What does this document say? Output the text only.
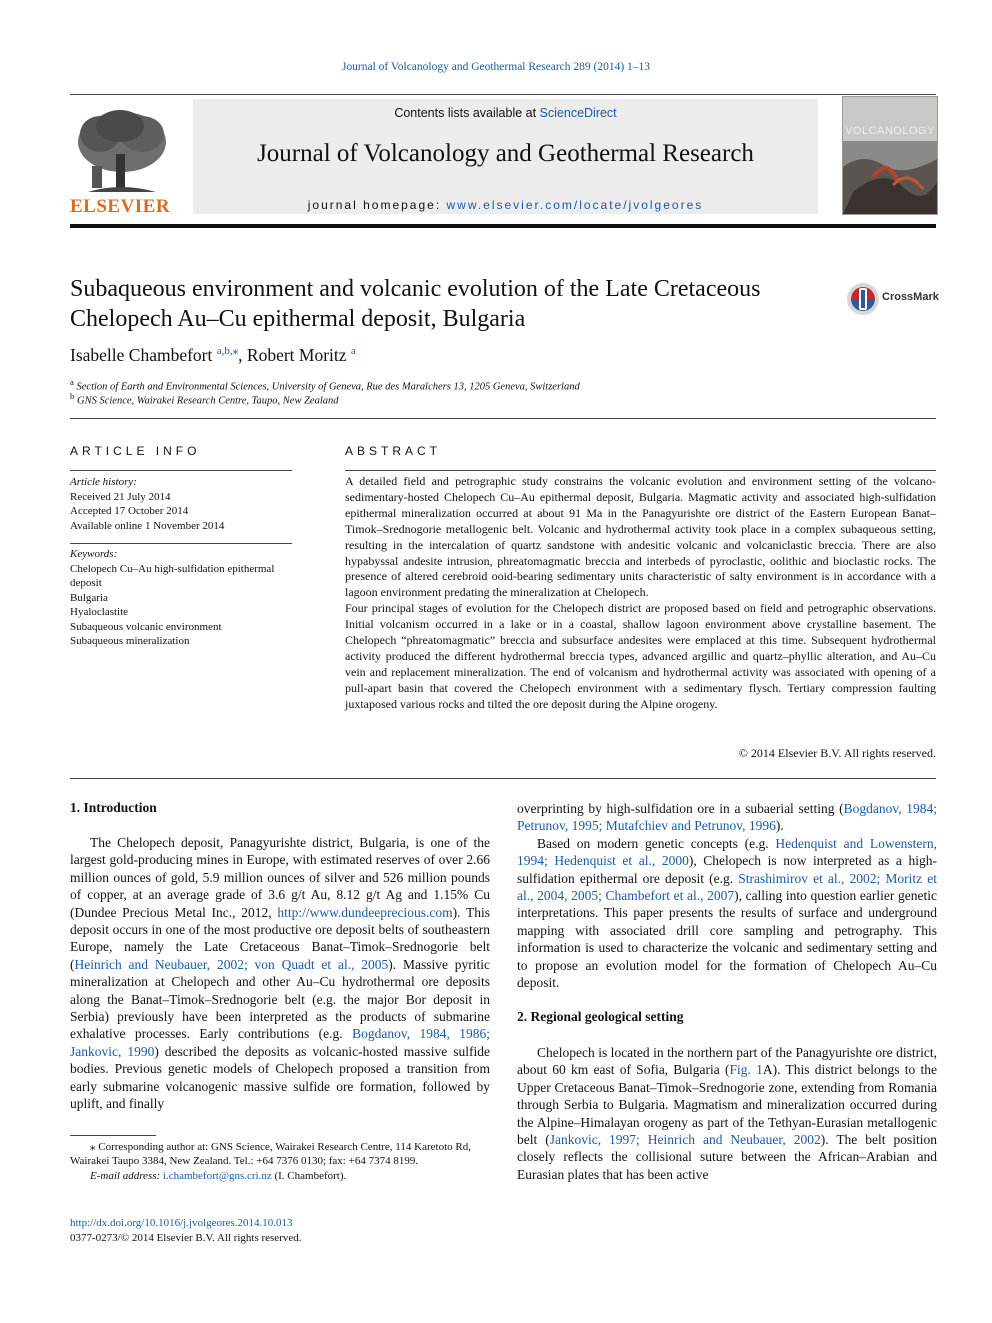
Journal of Volcanology and Geothermal Research 289 (2014) 1–13
ELSEVIER
Contents lists available at ScienceDirect
Journal of Volcanology and Geothermal Research
journal homepage: www.elsevier.com/locate/jvolgeores
VOLCANOLOGY
Subaqueous environment and volcanic evolution of the Late Cretaceous
Chelopech Au–Cu epithermal deposit, Bulgaria
CrossMark
Isabelle Chambefort $^{a,b,⁎}$, Robert Moritz $^a$
$^a$ Section of Earth and Environmental Sciences, University of Geneva, Rue des Maraîchers 13, 1205 Geneva, Switzerland
$^b$ GNS Science, Wairakei Research Centre, Taupo, New Zealand
ARTICLE INFO
Article history:
Received 21 July 2014
Accepted 17 October 2014
Available online 1 November 2014
Keywords:
Chelopech Cu–Au high-sulfidation epithermal deposit
Bulgaria
Hyaloclastite
Subaqueous volcanic environment
Subaqueous mineralization
ABSTRACT

A detailed field and petrographic study constrains the volcanic evolution and environment setting of the volcano-sedimentary-hosted Chelopech Cu–Au epithermal deposit, Bulgaria. Magmatic activity and associated high-sulfidation epithermal mineralization occurred at about 91 Ma in the Panagyurishte ore district of the Eastern European Banat–Timok–Srednogorie metallogenic belt. Volcanic and hydrothermal activity took place in a complex subaqueous setting, resulting in the intercalation of quartz sandstone with andesitic volcanic and volcaniclastic breccia. There are also hypabyssal andesite intrusion, phreatomagmatic breccia and interbeds of pyroclastic, oolithic and bioclastic rocks. The presence of altered cerebroid ooid-bearing sedimentary units characteristic of salty environment is in accordance with a lagoon environment predating the mineralization at Chelopech.

Four principal stages of evolution for the Chelopech district are proposed based on field and petrographic observations. Initial volcanism occurred in a lake or in a coastal, shallow lagoon environment above crystalline basement. The Chelopech “phreatomagmatic” breccia and subsurface andesites were emplaced at this time. Subsequent hydrothermal activity produced the different hydrothermal breccia types, advanced argillic and quartz–phyllic alteration, and Au–Cu vein and replacement mineralization. The end of volcanism and hydrothermal activity was associated with opening of a pull-apart basin that covered the Chelopech environment with a sedimentary flysch. Tertiary compression faulting juxtaposed various rocks and tilted the ore deposit during the Alpine orogeny.

© 2014 Elsevier B.V. All rights reserved.
1. Introduction

The Chelopech deposit, Panagyurishte district, Bulgaria, is one of the largest gold-producing mines in Europe, with estimated reserves of over 2.66 million ounces of gold, 5.9 million ounces of silver and 526 million pounds of copper, at an average grade of 3.6 g/t Au, 8.12 g/t Ag and 1.15% Cu (Dundee Precious Metal Inc., 2012, http://www.dundeeprecious.com). This deposit occurs in one of the most productive ore deposit belts of southeastern Europe, namely the Late Cretaceous Banat–Timok–Srednogorie belt (Heinrich and Neubauer, 2002; von Quadt et al., 2005). Massive pyritic mineralization at Chelopech and other Au–Cu hydrothermal ore deposits along the Banat–Timok–Srednogorie belt (e.g. the major Bor deposit in Serbia) previously have been interpreted as the products of submarine exhalative processes. Early contributions (e.g. Bogdanov, 1984, 1986; Jankovic, 1990) described the deposits as volcanic-hosted massive sulfide bodies. Previous genetic models of Chelopech proposed a transition from early submarine volcanogenic massive sulfide ore formation, followed by uplift, and finally

⁎ Corresponding author at: GNS Science, Wairakei Research Centre, 114 Karetoto Rd, Wairakei Taupo 3384, New Zealand. Tel.: +64 7376 0130; fax: +64 7374 8199.

E-mail address: i.chambefort@gns.cri.nz (I. Chambefort).

http://dx.doi.org/10.1016/j.jvolgeores.2014.10.013
0377-0273/© 2014 Elsevier B.V. All rights reserved.

overprinting by high-sulfidation ore in a subaerial setting (Bogdanov, 1984; Petrunov, 1995; Mutafchiev and Petrunov, 1996).

Based on modern genetic concepts (e.g. Hedenquist and Lowenstern, 1994; Hedenquist et al., 2000), Chelopech is now interpreted as a high-sulfidation epithermal ore deposit (e.g. Strashimirov et al., 2002; Moritz et al., 2004, 2005; Chambefort et al., 2007), calling into question earlier genetic interpretations. This paper presents the results of surface and underground mapping with associated drill core sampling and petrography. This information is used to characterize the volcanic and sedimentary setting and to propose an evolution model for the formation of Chelopech Au–Cu deposit.

2. Regional geological setting

Chelopech is located in the northern part of the Panagyurishte ore district, about 60 km east of Sofia, Bulgaria (Fig. 1A). This district belongs to the Upper Cretaceous Banat–Timok–Srednogorie zone, extending from Romania through Serbia to Bulgaria. Magmatism and mineralization occurred during the Alpine–Himalayan orogeny as part of the Tethyan-Eurasian metallogenic belt (Jankovic, 1997; Heinrich and Neubauer, 2002). The belt position closely reflects the collisional suture between the African–Arabian and Eurasian plates that has been active
